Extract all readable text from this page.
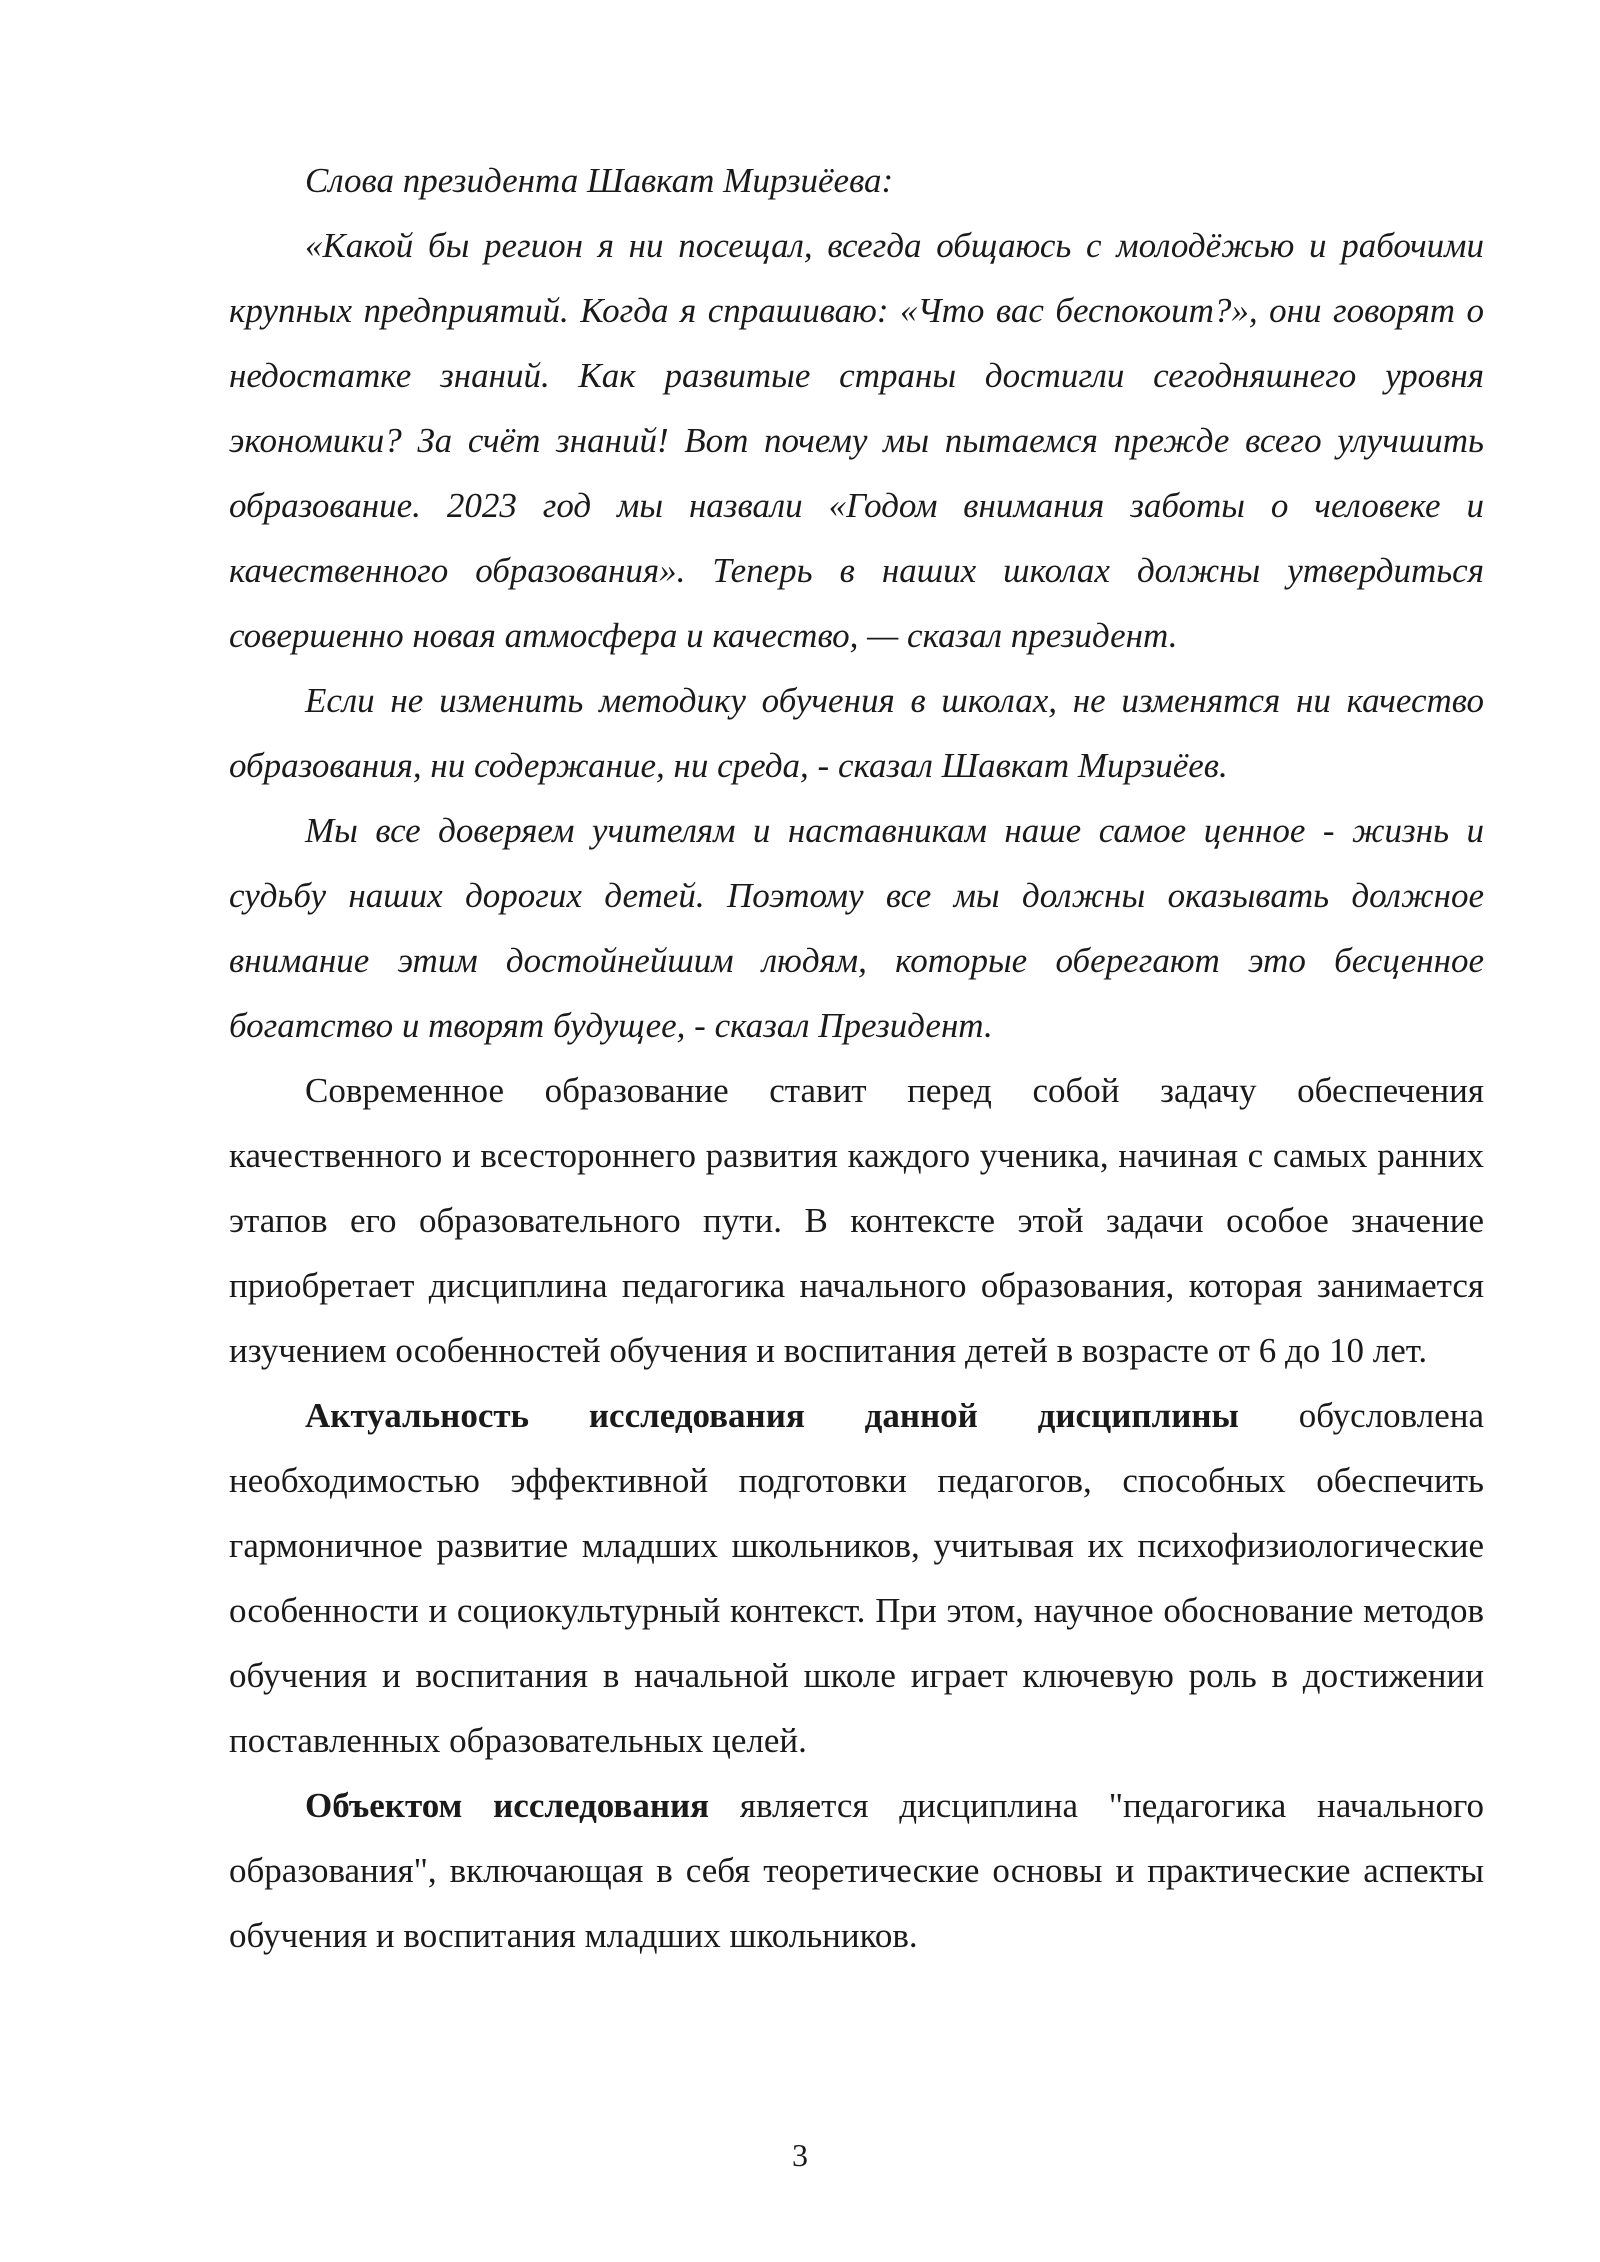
Слова президента Шавкат Мирзиёева:

«Какой бы регион я ни посещал, всегда общаюсь с молодёжью и рабочими крупных предприятий. Когда я спрашиваю: «Что вас беспокоит?», они говорят о недостатке знаний. Как развитые страны достигли сегодняшнего уровня экономики? За счёт знаний! Вот почему мы пытаемся прежде всего улучшить образование. 2023 год мы назвали «Годом внимания заботы о человеке и качественного образования». Теперь в наших школах должны утвердиться совершенно новая атмосфера и качество, — сказал президент.

Если не изменить методику обучения в школах, не изменятся ни качество образования, ни содержание, ни среда, - сказал Шавкат Мирзиёев.

Мы все доверяем учителям и наставникам наше самое ценное - жизнь и судьбу наших дорогих детей. Поэтому все мы должны оказывать должное внимание этим достойнейшим людям, которые оберегают это бесценное богатство и творят будущее, - сказал Президент.

Современное образование ставит перед собой задачу обеспечения качественного и всестороннего развития каждого ученика, начиная с самых ранних этапов его образовательного пути. В контексте этой задачи особое значение приобретает дисциплина педагогика начального образования, которая занимается изучением особенностей обучения и воспитания детей в возрасте от 6 до 10 лет.

Актуальность исследования данной дисциплины обусловлена необходимостью эффективной подготовки педагогов, способных обеспечить гармоничное развитие младших школьников, учитывая их психофизиологические особенности и социокультурный контекст. При этом, научное обоснование методов обучения и воспитания в начальной школе играет ключевую роль в достижении поставленных образовательных целей.

Объектом исследования является дисциплина "педагогика начального образования", включающая в себя теоретические основы и практические аспекты обучения и воспитания младших школьников.

3
